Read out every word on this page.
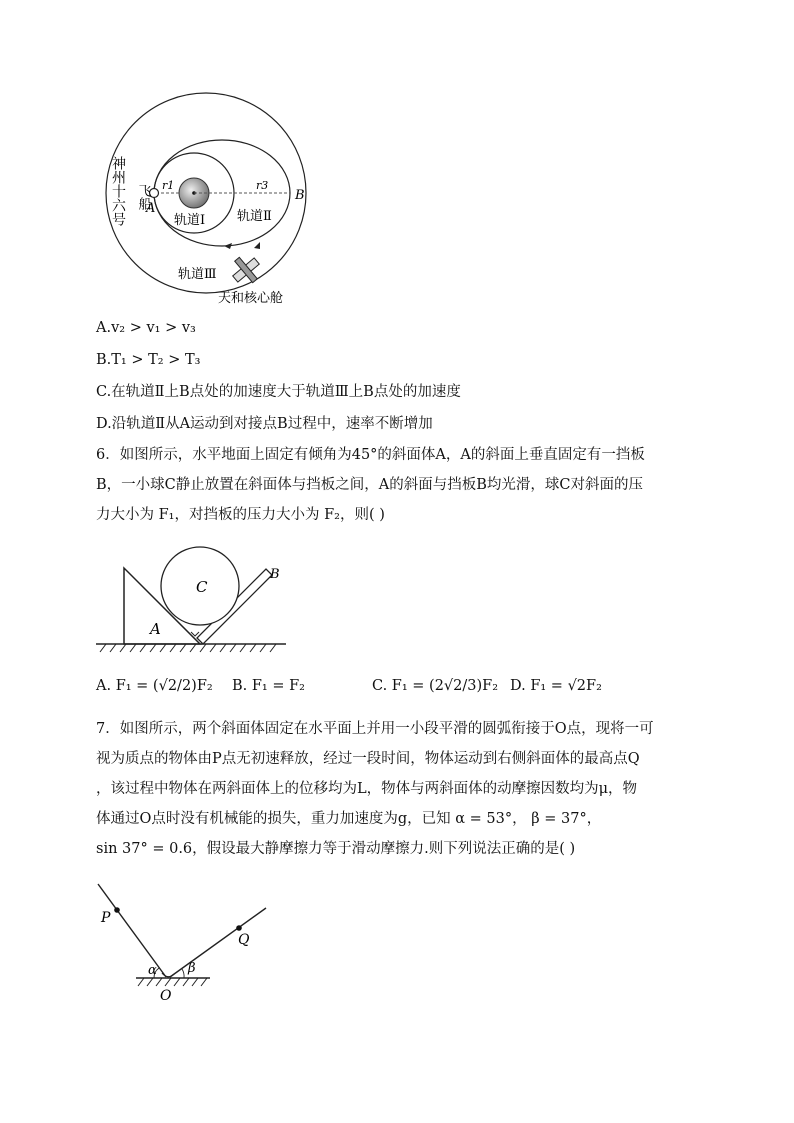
神州十六号 飞船
A
B
r1	r3
轨道Ⅰ 轨道Ⅱ
轨道Ⅲ
天和核心舱
A.v₂ > v₁ > v₃
B.T₁ > T₂ > T₃
C.在轨道Ⅱ上B点处的加速度大于轨道Ⅲ上B点处的加速度
D.沿轨道Ⅱ从A运动到对接点B过程中，速率不断增加

6．如图所示，水平地面上固定有倾角为45°的斜面体A，A的斜面上垂直固定有一挡板

B，一小球C静止放置在斜面体与挡板之间，A的斜面与挡板B均光滑，球C对斜面的压

力大小为 F₁，对挡板的压力大小为 F₂，则( )

C
A
B
A. F₁ = (√2/2)F₂ B. F₁ = F₂	C. F₁ = (2√2/3)F₂ D. F₁ = √2F₂

7．如图所示，两个斜面体固定在水平面上并用一小段平滑的圆弧衔接于O点，现将一可

视为质点的物体由P点无初速释放，经过一段时间，物体运动到右侧斜面体的最高点Q

，该过程中物体在两斜面体上的位移均为L，物体与两斜面体的动摩擦因数均为μ，物

体通过O点时没有机械能的损失，重力加速度为g，已知 α = 53°， β = 37°，

sin 37° = 0.6，假设最大静摩擦力等于滑动摩擦力.则下列说法正确的是( )

P
Q
O
α β
